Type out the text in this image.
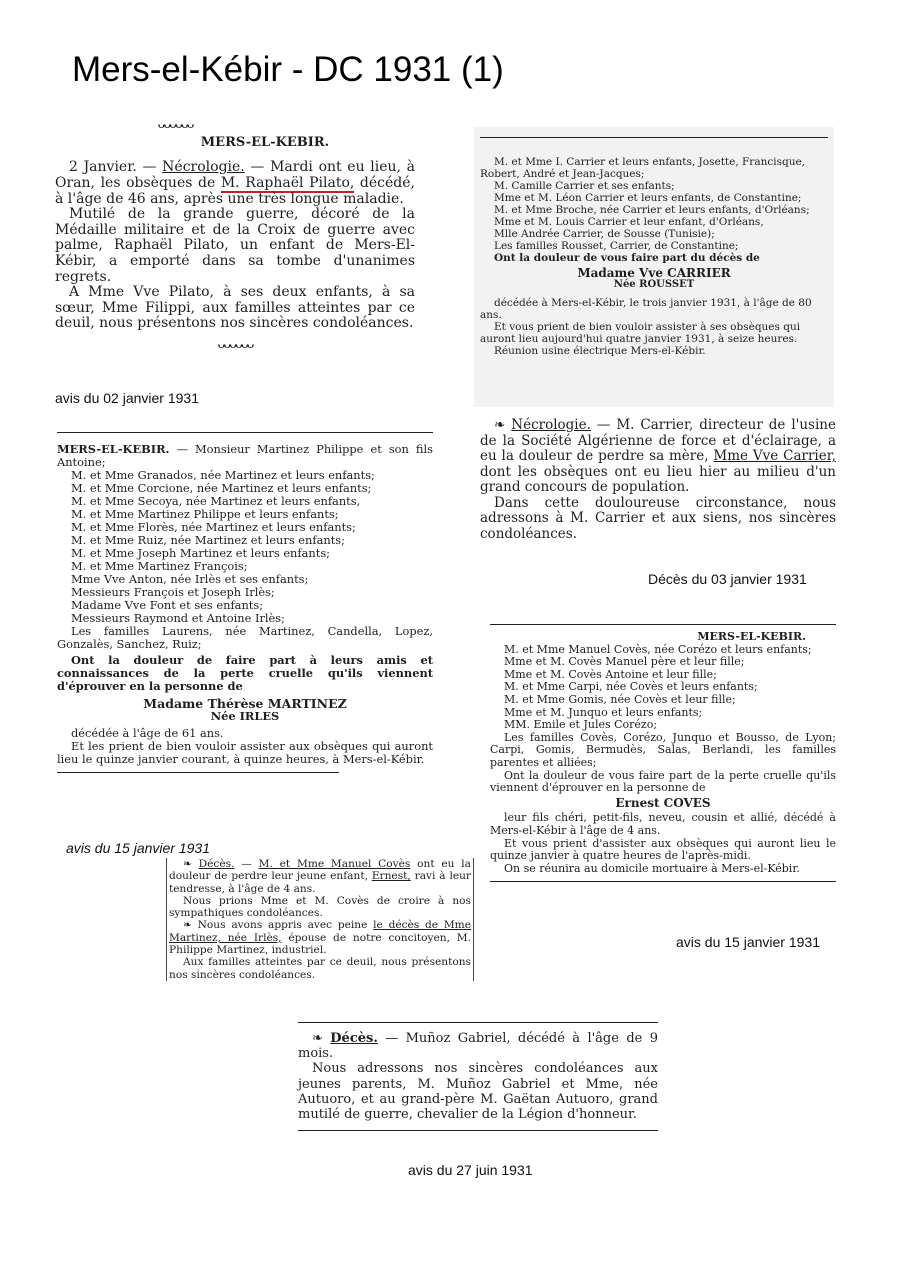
Mers-el-Kébir - DC 1931 (1)
ᴗᴗᴗᴗᴗᴗ
MERS-EL-KEBIR.

2 Janvier. — Nécrologie. — Mardi ont eu lieu, à Oran, les obsèques de M. Raphaël Pilato, décédé, à l'âge de 46 ans, après une très longue maladie.

Mutilé de la grande guerre, décoré de la Médaille militaire et de la Croix de guerre avec palme, Raphaël Pilato, un enfant de Mers-El-Kébir, a emporté dans sa tombe d'unanimes regrets.

A Mme Vve Pilato, à ses deux enfants, à sa sœur, Mme Filippi, aux familles atteintes par ce deuil, nous présentons nos sincères condoléances.

ᴗᴗᴗᴗᴗᴗ
avis du 02 janvier 1931

M. et Mme I. Carrier et leurs enfants, Josette, Francisque, Robert, André et Jean-Jacques;

M. Camille Carrier et ses enfants;

Mme et M. Léon Carrier et leurs enfants, de Constantine;

M. et Mme Broche, née Carrier et leurs enfants, d'Orléans;

Mme et M. Louis Carrier et leur enfant, d'Orléans,

Mlle Andrée Carrier, de Sousse (Tunisie);

Les familles Rousset, Carrier, de Constantine;

Ont la douleur de vous faire part du décès de

Madame Vve CARRIER

Née ROUSSET

décédée à Mers-el-Kébir, le trois janvier 1931, à l'âge de 80 ans.

Et vous prient de bien vouloir assister à ses obsèques qui auront lieu aujourd'hui quatre janvier 1931, à seize heures.

Réunion usine électrique Mers-el-Kébir.

❧ Nécrologie. — M. Carrier, directeur de l'usine de la Société Algérienne de force et d'éclairage, a eu la douleur de perdre sa mère, Mme Vve Carrier, dont les obsèques ont eu lieu hier au milieu d'un grand concours de population.

Dans cette douloureuse circonstance, nous adressons à M. Carrier et aux siens, nos sincères condoléances.

Décès du 03 janvier 1931

MERS-EL-KEBIR. — Monsieur Martinez Philippe et son fils Antoine;

M. et Mme Granados, née Martinez et leurs enfants;

M. et Mme Corcione, née Martinez et leurs enfants;

M. et Mme Secoya, née Martinez et leurs enfants,

M. et Mme Martinez Philippe et leurs enfants;

M. et Mme Florès, née Martinez et leurs enfants;

M. et Mme Ruiz, née Martinez et leurs enfants;

M. et Mme Joseph Martinez et leurs enfants;

M. et Mme Martinez François;

Mme Vve Anton, née Irlès et ses enfants;

Messieurs François et Joseph Irlès;

Madame Vve Font et ses enfants;

Messieurs Raymond et Antoine Irlès;

Les familles Laurens, née Martinez, Candella, Lopez, Gonzalès, Sanchez, Ruiz;

Ont la douleur de faire part à leurs amis et connaissances de la perte cruelle qu'ils viennent d'éprouver en la personne de

Madame Thérèse MARTINEZ

Née IRLES

décédée à l'âge de 61 ans.

Et les prient de bien vouloir assister aux obsèques qui auront lieu le quinze janvier courant, à quinze heures, à Mers-el-Kébir.

avis du 15 janvier 1931

❧ Décès. — M. et Mme Manuel Covès ont eu la douleur de perdre leur jeune enfant, Ernest, ravi à leur tendresse, à l'âge de 4 ans.

Nous prions Mme et M. Covès de croire à nos sympathiques condoléances.

❧ Nous avons appris avec peine le décès de Mme Martinez, née Irlès, épouse de notre concitoyen, M. Philippe Martinez, industriel.

Aux familles atteintes par ce deuil, nous présentons nos sincères condoléances.

MERS-EL-KEBIR.

M. et Mme Manuel Covès, née Corézo et leurs enfants;

Mme et M. Covès Manuel père et leur fille;

Mme et M. Covès Antoine et leur fille;

M. et Mme Carpi, née Covès et leurs enfants;

M. et Mme Gomis, née Covès et leur fille;

Mme et M. Junquo et leurs enfants;

MM. Emile et Jules Corézo;

Les familles Covès, Corézo, Junquo et Bousso, de Lyon; Carpi, Gomis, Bermudès, Salas, Berlandi, les familles parentes et alliées;

Ont la douleur de vous faire part de la perte cruelle qu'ils viennent d'éprouver en la personne de

Ernest COVES

leur fils chéri, petit-fils, neveu, cousin et allié, décédé à Mers-el-Kébir à l'âge de 4 ans.

Et vous prient d'assister aux obsèques qui auront lieu le quinze janvier à quatre heures de l'après-midi.

On se réunira au domicile mortuaire à Mers-el-Kébir.

avis du 15 janvier 1931

❧ Décès. — Muñoz Gabriel, décédé à l'âge de 9 mois.

Nous adressons nos sincères condoléances aux jeunes parents, M. Muñoz Gabriel et Mme, née Autuoro, et au grand-père M. Gaëtan Autuoro, grand mutilé de guerre, chevalier de la Légion d'honneur.

avis du 27 juin 1931
